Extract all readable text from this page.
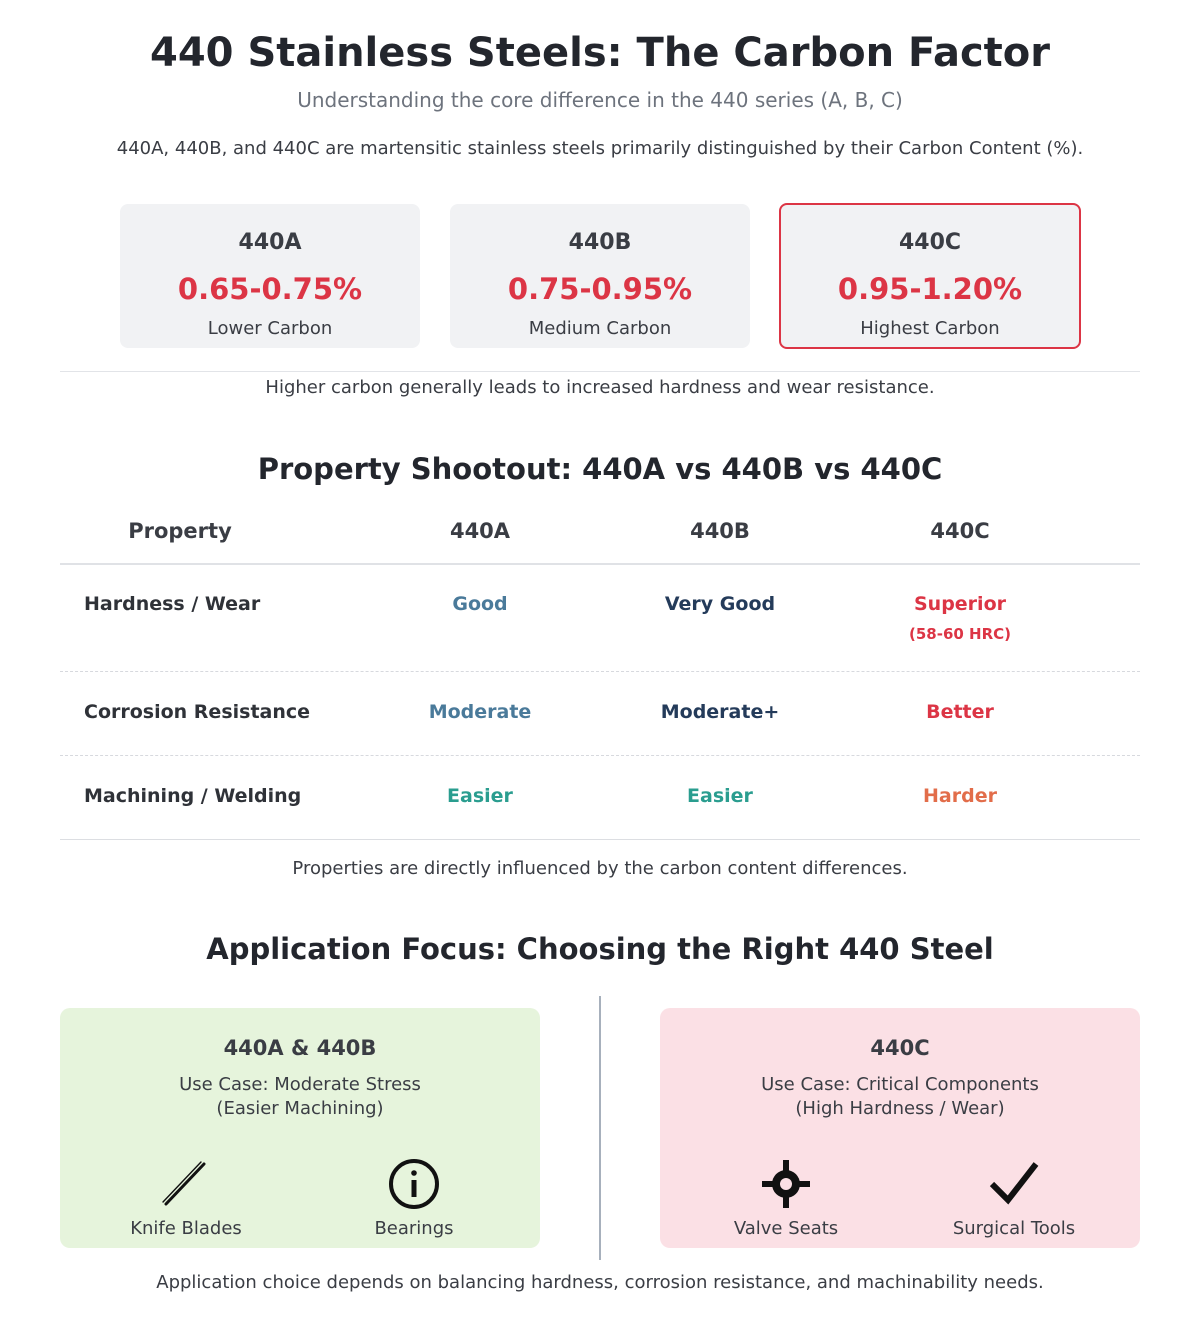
440 Stainless Steels: The Carbon Factor
Understanding the core difference in the 440 series (A, B, C)
440A, 440B, and 440C are martensitic stainless steels primarily distinguished by their Carbon Content (%).
440A
0.65-0.75%
Lower Carbon
440B
0.75-0.95%
Medium Carbon
440C
0.95-1.20%
Highest Carbon
Higher carbon generally leads to increased hardness and wear resistance.
Property Shootout: 440A vs 440B vs 440C
Property	440A	440B	440C
Hardness / Wear	Good	Very Good	Superior
(58-60 HRC)
Corrosion Resistance	Moderate	Moderate+	Better
Machining / Welding	Easier	Easier	Harder
Properties are directly influenced by the carbon content differences.
Application Focus: Choosing the Right 440 Steel
440A & 440B
Use Case: Moderate Stress
(Easier Machining)
Knife Blades	Bearings
440C
Use Case: Critical Components
(High Hardness / Wear)
Valve Seats	Surgical Tools
Application choice depends on balancing hardness, corrosion resistance, and machinability needs.
